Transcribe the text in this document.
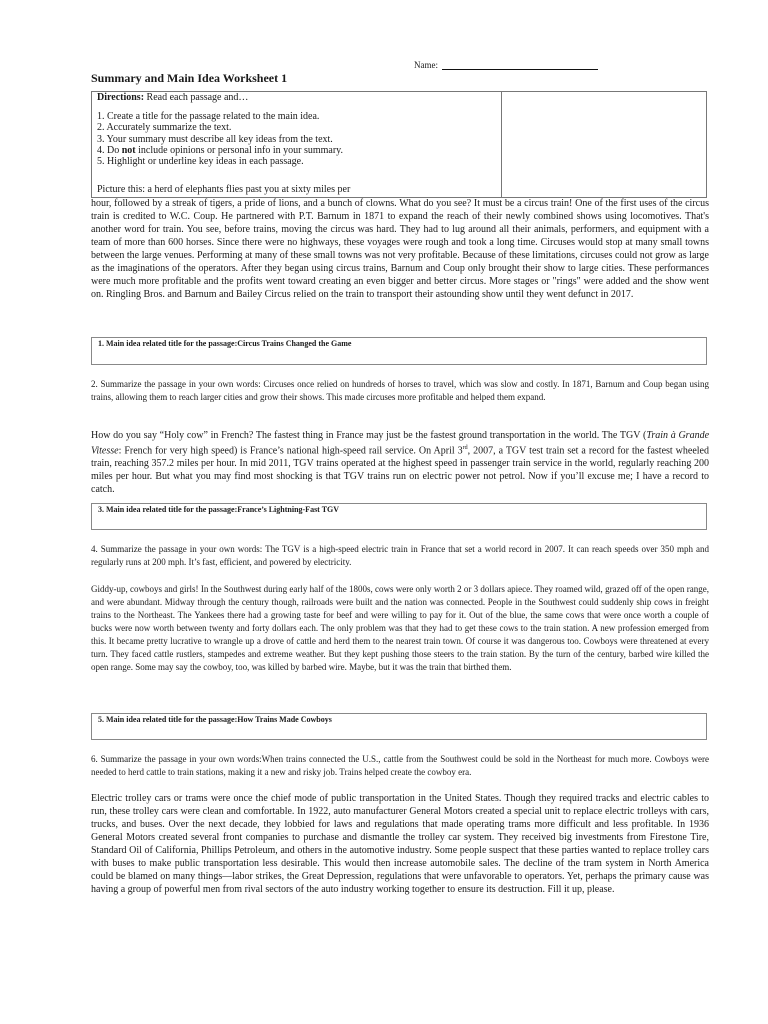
Name:
Summary and Main Idea Worksheet 1
Directions: Read each passage and…
1. Create a title for the passage related to the main idea.
2. Accurately summarize the text.
3. Your summary must describe all key ideas from the text.
4. Do not include opinions or personal info in your summary.
5. Highlight or underline key ideas in each passage.
Picture this: a herd of elephants flies past you at sixty miles per
hour, followed by a streak of tigers, a pride of lions, and a bunch of clowns. What do you see? It must be a circus train! One of the first uses of the circus train is credited to W.C. Coup. He partnered with P.T. Barnum in 1871 to expand the reach of their newly combined shows using locomotives. That's another word for train. You see, before trains, moving the circus was hard. They had to lug around all their animals, performers, and equipment with a team of more than 600 horses. Since there were no highways, these voyages were rough and took a long time. Circuses would stop at many small towns between the large venues. Performing at many of these small towns was not very profitable. Because of these limitations, circuses could not grow as large as the imaginations of the operators. After they began using circus trains, Barnum and Coup only brought their show to large cities. These performances were much more profitable and the profits went toward creating an even bigger and better circus. More stages or "rings" were added and the show went on. Ringling Bros. and Barnum and Bailey Circus relied on the train to transport their astounding show until they went defunct in 2017.
1. Main idea related title for the passage:Circus Trains Changed the Game
2. Summarize the passage in your own words: Circuses once relied on hundreds of horses to travel, which was slow and costly. In 1871, Barnum and Coup began using trains, allowing them to reach larger cities and grow their shows. This made circuses more profitable and helped them expand.
How do you say “Holy cow” in French? The fastest thing in France may just be the fastest ground transportation in the world. The TGV (Train à Grande Vitesse: French for very high speed) is France’s national high-speed rail service. On April 3rd, 2007, a TGV test train set a record for the fastest wheeled train, reaching 357.2 miles per hour. In mid 2011, TGV trains operated at the highest speed in passenger train service in the world, regularly reaching 200 miles per hour. But what you may find most shocking is that TGV trains run on electric power not petrol. Now if you’ll excuse me; I have a record to catch.
3. Main idea related title for the passage:France’s Lightning-Fast TGV
4. Summarize the passage in your own words: The TGV is a high-speed electric train in France that set a world record in 2007. It can reach speeds over 350 mph and regularly runs at 200 mph. It’s fast, efficient, and powered by electricity.
Giddy-up, cowboys and girls! In the Southwest during early half of the 1800s, cows were only worth 2 or 3 dollars apiece. They roamed wild, grazed off of the open range, and were abundant. Midway through the century though, railroads were built and the nation was connected. People in the Southwest could suddenly ship cows in freight trains to the Northeast. The Yankees there had a growing taste for beef and were willing to pay for it. Out of the blue, the same cows that were once worth a couple of bucks were now worth between twenty and forty dollars each. The only problem was that they had to get these cows to the train station. A new profession emerged from this. It became pretty lucrative to wrangle up a drove of cattle and herd them to the nearest train town. Of course it was dangerous too. Cowboys were threatened at every turn. They faced cattle rustlers, stampedes and extreme weather. But they kept pushing those steers to the train station. By the turn of the century, barbed wire killed the open range. Some may say the cowboy, too, was killed by barbed wire. Maybe, but it was the train that birthed them.
5. Main idea related title for the passage:How Trains Made Cowboys
6. Summarize the passage in your own words:When trains connected the U.S., cattle from the Southwest could be sold in the Northeast for much more. Cowboys were needed to herd cattle to train stations, making it a new and risky job. Trains helped create the cowboy era.
Electric trolley cars or trams were once the chief mode of public transportation in the United States. Though they required tracks and electric cables to run, these trolley cars were clean and comfortable. In 1922, auto manufacturer General Motors created a special unit to replace electric trolleys with cars, trucks, and buses. Over the next decade, they lobbied for laws and regulations that made operating trams more difficult and less profitable. In 1936 General Motors created several front companies to purchase and dismantle the trolley car system. They received big investments from Firestone Tire, Standard Oil of California, Phillips Petroleum, and others in the automotive industry. Some people suspect that these parties wanted to replace trolley cars with buses to make public transportation less desirable. This would then increase automobile sales. The decline of the tram system in North America could be blamed on many things—labor strikes, the Great Depression, regulations that were unfavorable to operators. Yet, perhaps the primary cause was having a group of powerful men from rival sectors of the auto industry working together to ensure its destruction. Fill it up, please.
